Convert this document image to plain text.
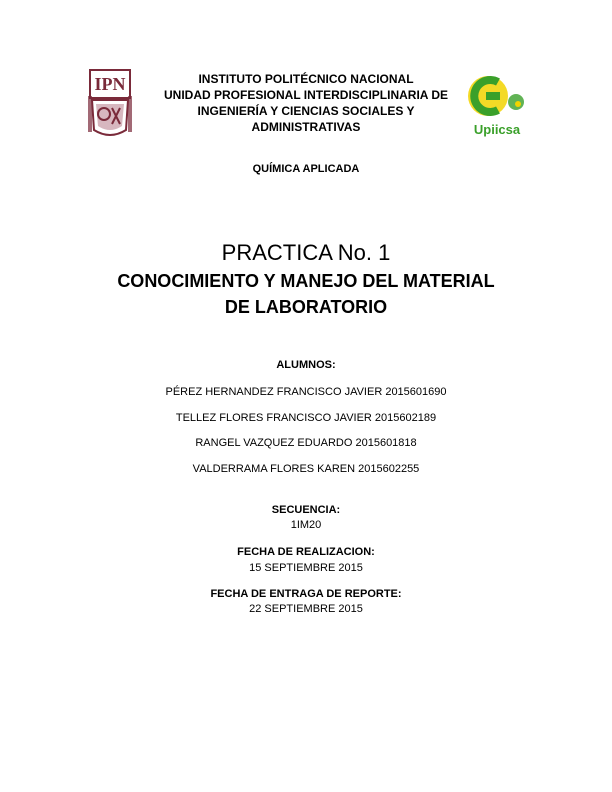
IPN
Upiicsa
INSTITUTO POLITÉCNICO NACIONAL
UNIDAD PROFESIONAL INTERDISCIPLINARIA DE
INGENIERÍA Y CIENCIAS SOCIALES Y
ADMINISTRATIVAS
QUÍMICA APLICADA
PRACTICA No. 1
CONOCIMIENTO Y MANEJO DEL MATERIAL
DE LABORATORIO
ALUMNOS:
PÉREZ HERNANDEZ FRANCISCO JAVIER 2015601690
TELLEZ FLORES FRANCISCO JAVIER 2015602189
RANGEL VAZQUEZ EDUARDO 2015601818
VALDERRAMA FLORES KAREN 2015602255
SECUENCIA:
1IM20
FECHA DE REALIZACION:
15 SEPTIEMBRE 2015
FECHA DE ENTRAGA DE REPORTE:
22 SEPTIEMBRE 2015
